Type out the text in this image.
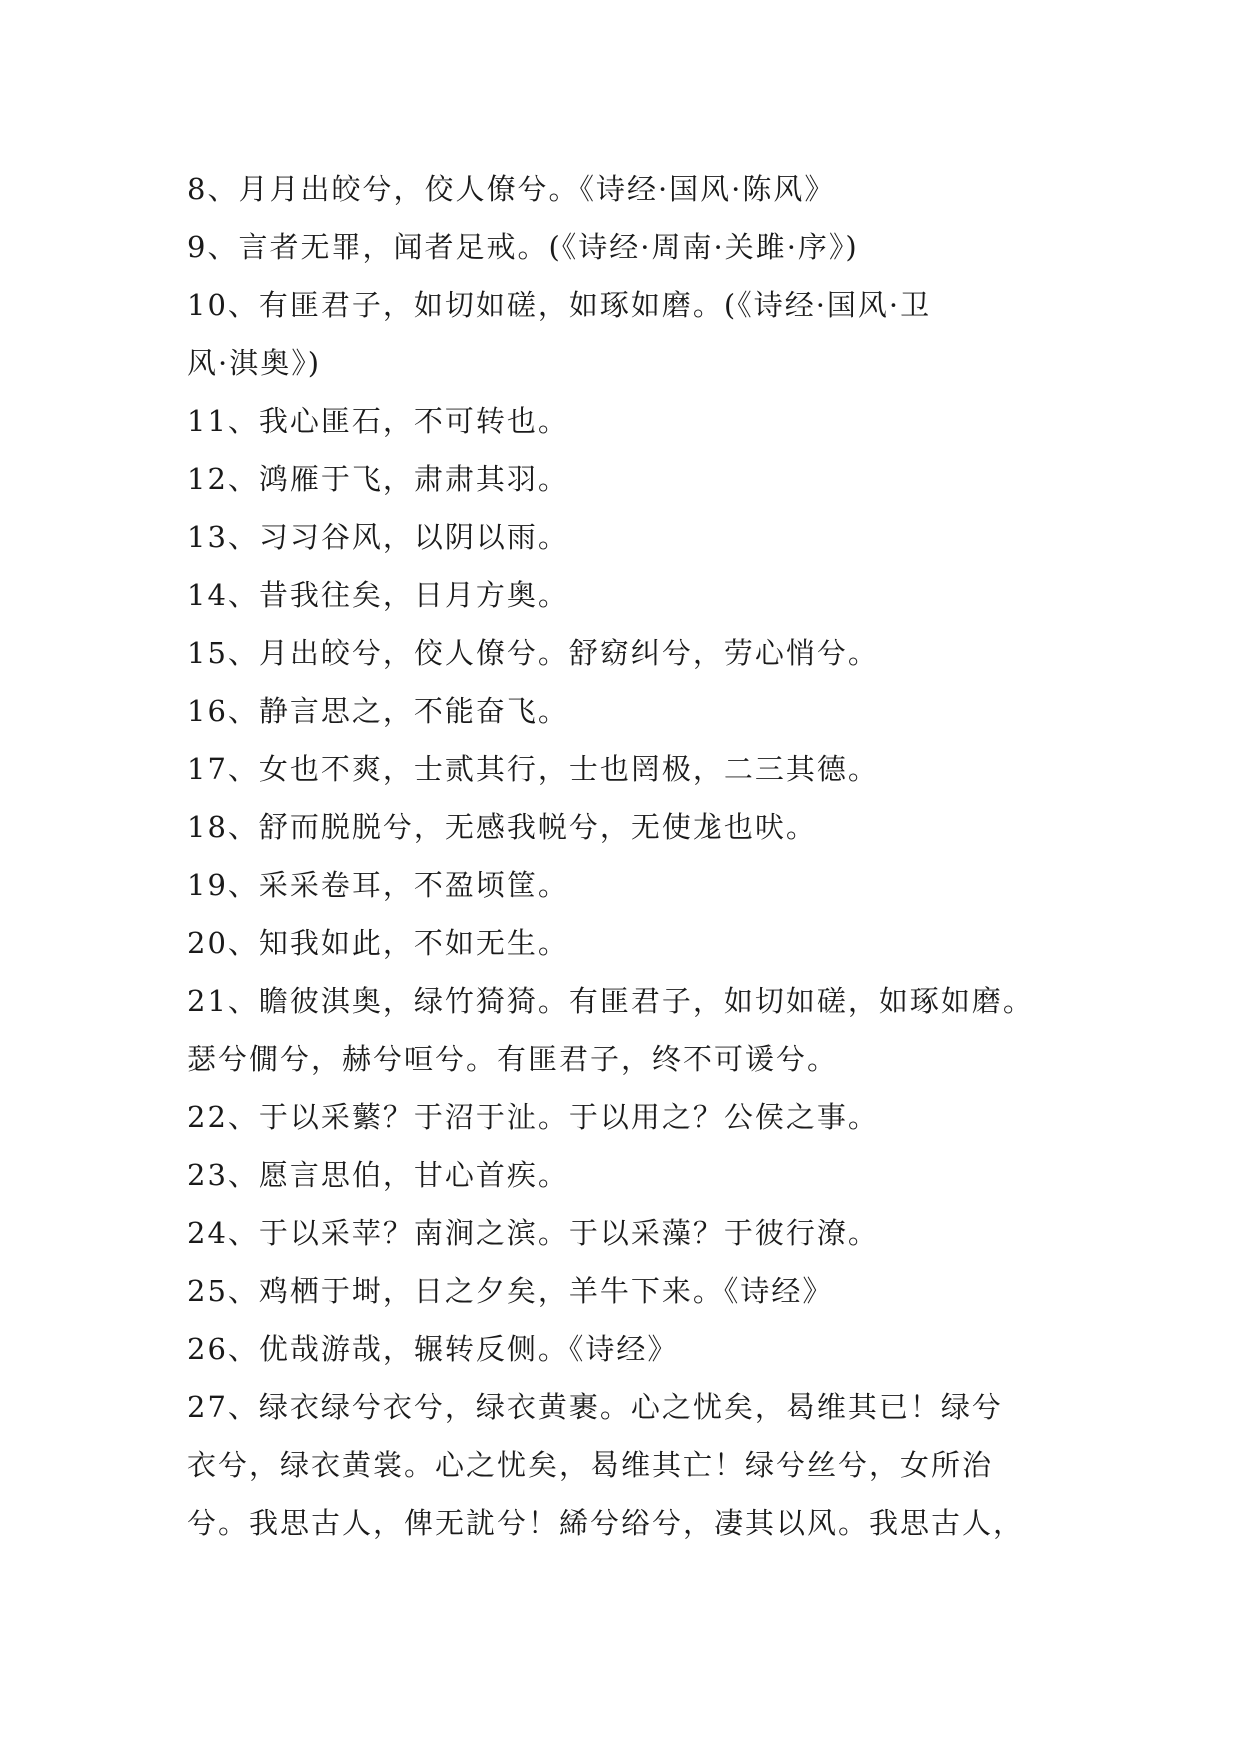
8、月月出皎兮，佼人僚兮。《诗经·国风·陈风》
9、言者无罪，闻者足戒。(《诗经·周南·关雎·序》)
10、有匪君子，如切如磋，如琢如磨。(《诗经·国风·卫
风·淇奥》)
11、我心匪石，不可转也。
12、鸿雁于飞，肃肃其羽。
13、习习谷风，以阴以雨。
14、昔我往矣，日月方奥。
15、月出皎兮，佼人僚兮。舒窈纠兮，劳心悄兮。
16、静言思之，不能奋飞。
17、女也不爽，士贰其行，士也罔极，二三其德。
18、舒而脱脱兮，无感我帨兮，无使尨也吠。
19、采采卷耳，不盈顷筐。
20、知我如此，不如无生。
21、瞻彼淇奥，绿竹猗猗。有匪君子，如切如磋，如琢如磨。
瑟兮僩兮，赫兮咺兮。有匪君子，终不可谖兮。
22、于以采蘩？于沼于沚。于以用之？公侯之事。
23、愿言思伯，甘心首疾。
24、于以采苹？南涧之滨。于以采藻？于彼行潦。
25、鸡栖于埘，日之夕矣，羊牛下来。《诗经》
26、优哉游哉，辗转反侧。《诗经》
27、绿衣绿兮衣兮，绿衣黄裹。心之忧矣，曷维其已！绿兮
衣兮，绿衣黄裳。心之忧矣，曷维其亡！绿兮丝兮，女所治
兮。我思古人，俾无訧兮！絺兮绤兮，凄其以风。我思古人，
